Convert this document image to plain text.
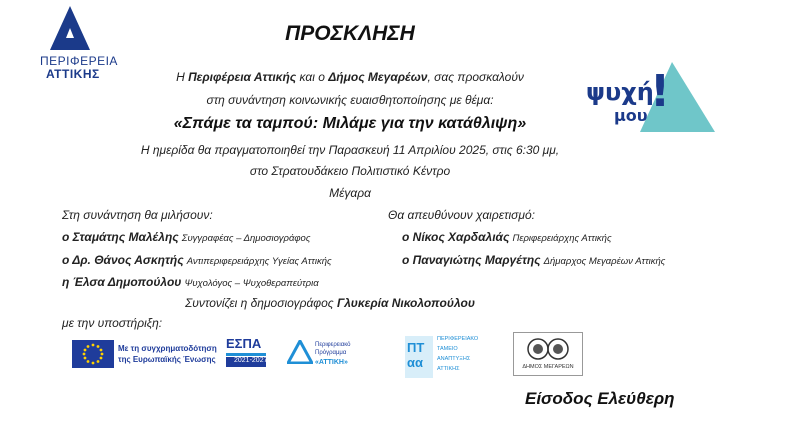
ΠΕΡΙΦΕΡΕΙΑ
ΑΤΤΙΚΗΣ
ΠΡΟΣΚΛΗΣΗ
Η Περιφέρεια Αττικής και ο Δήμος Μεγαρέων, σας προσκαλούν
στη συνάντηση κοινωνικής ευαισθητοποίησης με θέμα:
«Σπάμε τα ταμπού: Μιλάμε για την κατάθλιψη»
Η ημερίδα θα πραγματοποιηθεί την Παρασκευή 11 Απριλίου 2025, στις 6:30 μμ,
στο Στρατουδάκειο Πολιτιστικό Κέντρο
Μέγαρα
ψυχή
μου !
Στη συνάντηση θα μιλήσουν:
ο Σταμάτης Μαλέλης Συγγραφέας – Δημοσιογράφος
ο Δρ. Θάνος Ασκητής Αντιπεριφερειάρχης Υγείας Αττικής
η Έλσα Δημοπούλου Ψυχολόγος – Ψυχοθεραπεύτρια
Θα απευθύνουν χαιρετισμό:
ο Νίκος Χαρδαλιάς Περιφερειάρχης Αττικής
ο Παναγιώτης Μαργέτης Δήμαρχος Μεγαρέων Αττικής
Συντονίζει η δημοσιογράφος Γλυκερία Νικολοπούλου
με την υποστήριξη:
Με τη συγχρηματοδότηση
της Ευρωπαϊκής Ένωσης
ΕΣΠΑ
2021-2027
Περιφερειακό
Πρόγραμμα
«ΑΤΤΙΚΗ»
ΠΤ αα
ΠΕΡΙΦΕΡΕΙΑΚΟ
ΤΑΜΕΙΟ
ΑΝΑΠΤΥΞΗΣ
ΑΤΤΙΚΗΣ	ΔΗΜΟΣ ΜΕΓΑΡΕΩΝ
Είσοδος Ελεύθερη
